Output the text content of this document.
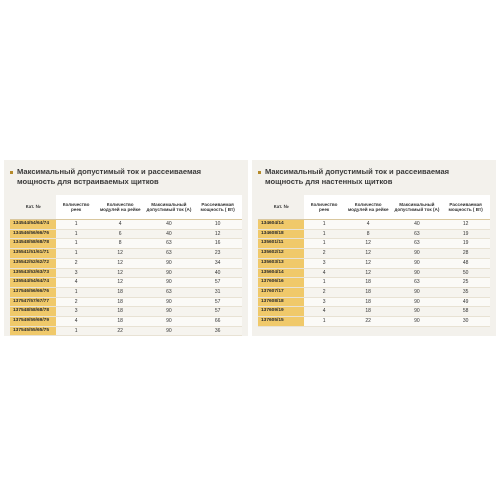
Максимальный допустимый ток и рассеиваемая
мощность для встраиваемых щитков
Кат. №	Количество реек	Количество модулей на рейке	Максимальный допустимый ток (А)	Рассеиваемая мощность ( Вт)
134544/54/64/74	1	4	40	10
134546/56/66/76	1	6	40	12
134548/58/68/78	1	8	63	16
135541/51/61/71	1	12	63	23
135542/52/62/72	2	12	90	34
135543/53/63/73	3	12	90	40
135544/54/64/74	4	12	90	57
137546/56/66/76	1	18	63	31
137547/57/67/77	2	18	90	57
137548/58/68/78	3	18	90	57
137549/59/69/79	4	18	90	66
137545/55/65/75	1	22	90	36
Максимальный допустимый ток и рассеиваемая
мощность для настенных щитков
Кат. №	Количество реек	Количество модулей на рейке	Максимальный допустимый ток (А)	Рассеиваемая мощность ( Вт)
134604/14	1	4	40	12
134608/18	1	8	63	19
135601/11	1	12	63	19
135602/12	2	12	90	28
135603/13	3	12	90	48
135604/14	4	12	90	50
137606/16	1	18	63	25
137607/17	2	18	90	35
137608/18	3	18	90	49
137609/19	4	18	90	58
137605/15	1	22	90	30
